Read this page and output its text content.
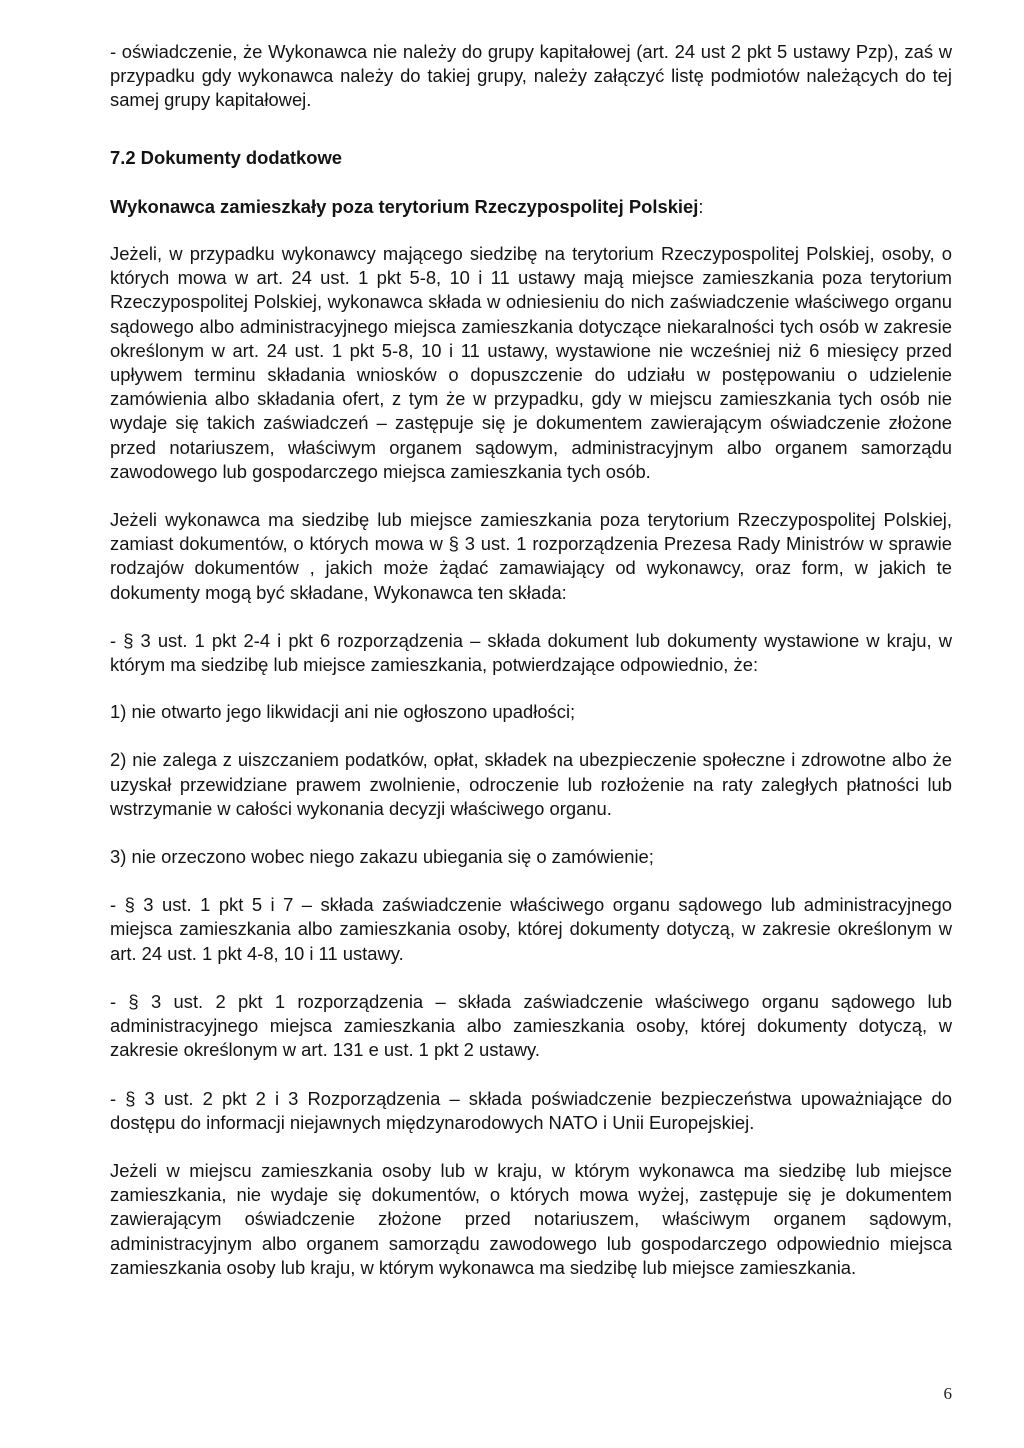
- oświadczenie, że Wykonawca nie należy do grupy kapitałowej (art. 24 ust 2 pkt 5 ustawy Pzp), zaś w przypadku gdy wykonawca należy do takiej grupy, należy załączyć listę podmiotów należących do tej samej grupy kapitałowej.

7.2 Dokumenty dodatkowe

Wykonawca zamieszkały poza terytorium Rzeczypospolitej Polskiej:

Jeżeli, w przypadku wykonawcy mającego siedzibę na terytorium Rzeczypospolitej Polskiej, osoby, o których mowa w art. 24 ust. 1 pkt 5-8, 10 i 11 ustawy mają miejsce zamieszkania poza terytorium Rzeczypospolitej Polskiej, wykonawca składa w odniesieniu do nich zaświadczenie właściwego organu sądowego albo administracyjnego miejsca zamieszkania dotyczące niekaralności tych osób w zakresie określonym w art. 24 ust. 1 pkt 5-8, 10 i 11 ustawy, wystawione nie wcześniej niż 6 miesięcy przed upływem terminu składania wniosków o dopuszczenie do udziału w postępowaniu o udzielenie zamówienia albo składania ofert, z tym że w przypadku, gdy w miejscu zamieszkania tych osób nie wydaje się takich zaświadczeń – zastępuje się je dokumentem zawierającym oświadczenie złożone przed notariuszem, właściwym organem sądowym, administracyjnym albo organem samorządu zawodowego lub gospodarczego miejsca zamieszkania tych osób.

Jeżeli wykonawca ma siedzibę lub miejsce zamieszkania poza terytorium Rzeczypospolitej Polskiej, zamiast dokumentów, o których mowa w § 3 ust. 1 rozporządzenia Prezesa Rady Ministrów w sprawie rodzajów dokumentów , jakich może żądać zamawiający od wykonawcy, oraz form, w jakich te dokumenty mogą być składane, Wykonawca ten składa:

- § 3 ust. 1 pkt 2-4 i pkt 6 rozporządzenia – składa dokument lub dokumenty wystawione w kraju, w którym ma siedzibę lub miejsce zamieszkania, potwierdzające odpowiednio, że:

1) nie otwarto jego likwidacji ani nie ogłoszono upadłości;

2) nie zalega z uiszczaniem podatków, opłat, składek na ubezpieczenie społeczne i zdrowotne albo że uzyskał przewidziane prawem zwolnienie, odroczenie lub rozłożenie na raty zaległych płatności lub wstrzymanie w całości wykonania decyzji właściwego organu.

3) nie orzeczono wobec niego zakazu ubiegania się o zamówienie;

- § 3 ust. 1 pkt 5 i 7 – składa zaświadczenie właściwego organu sądowego lub administracyjnego miejsca zamieszkania albo zamieszkania osoby, której dokumenty dotyczą, w zakresie określonym w art. 24 ust. 1 pkt 4-8, 10 i 11 ustawy.

- § 3 ust. 2 pkt 1 rozporządzenia – składa zaświadczenie właściwego organu sądowego lub administracyjnego miejsca zamieszkania albo zamieszkania osoby, której dokumenty dotyczą, w zakresie określonym w art. 131 e ust. 1 pkt 2 ustawy.

- § 3 ust. 2 pkt 2 i 3 Rozporządzenia – składa poświadczenie bezpieczeństwa upoważniające do dostępu do informacji niejawnych międzynarodowych NATO i Unii Europejskiej.

Jeżeli w miejscu zamieszkania osoby lub w kraju, w którym wykonawca ma siedzibę lub miejsce zamieszkania, nie wydaje się dokumentów, o których mowa wyżej, zastępuje się je dokumentem zawierającym oświadczenie złożone przed notariuszem, właściwym organem sądowym, administracyjnym albo organem samorządu zawodowego lub gospodarczego odpowiednio miejsca zamieszkania osoby lub kraju, w którym wykonawca ma siedzibę lub miejsce zamieszkania.

6
